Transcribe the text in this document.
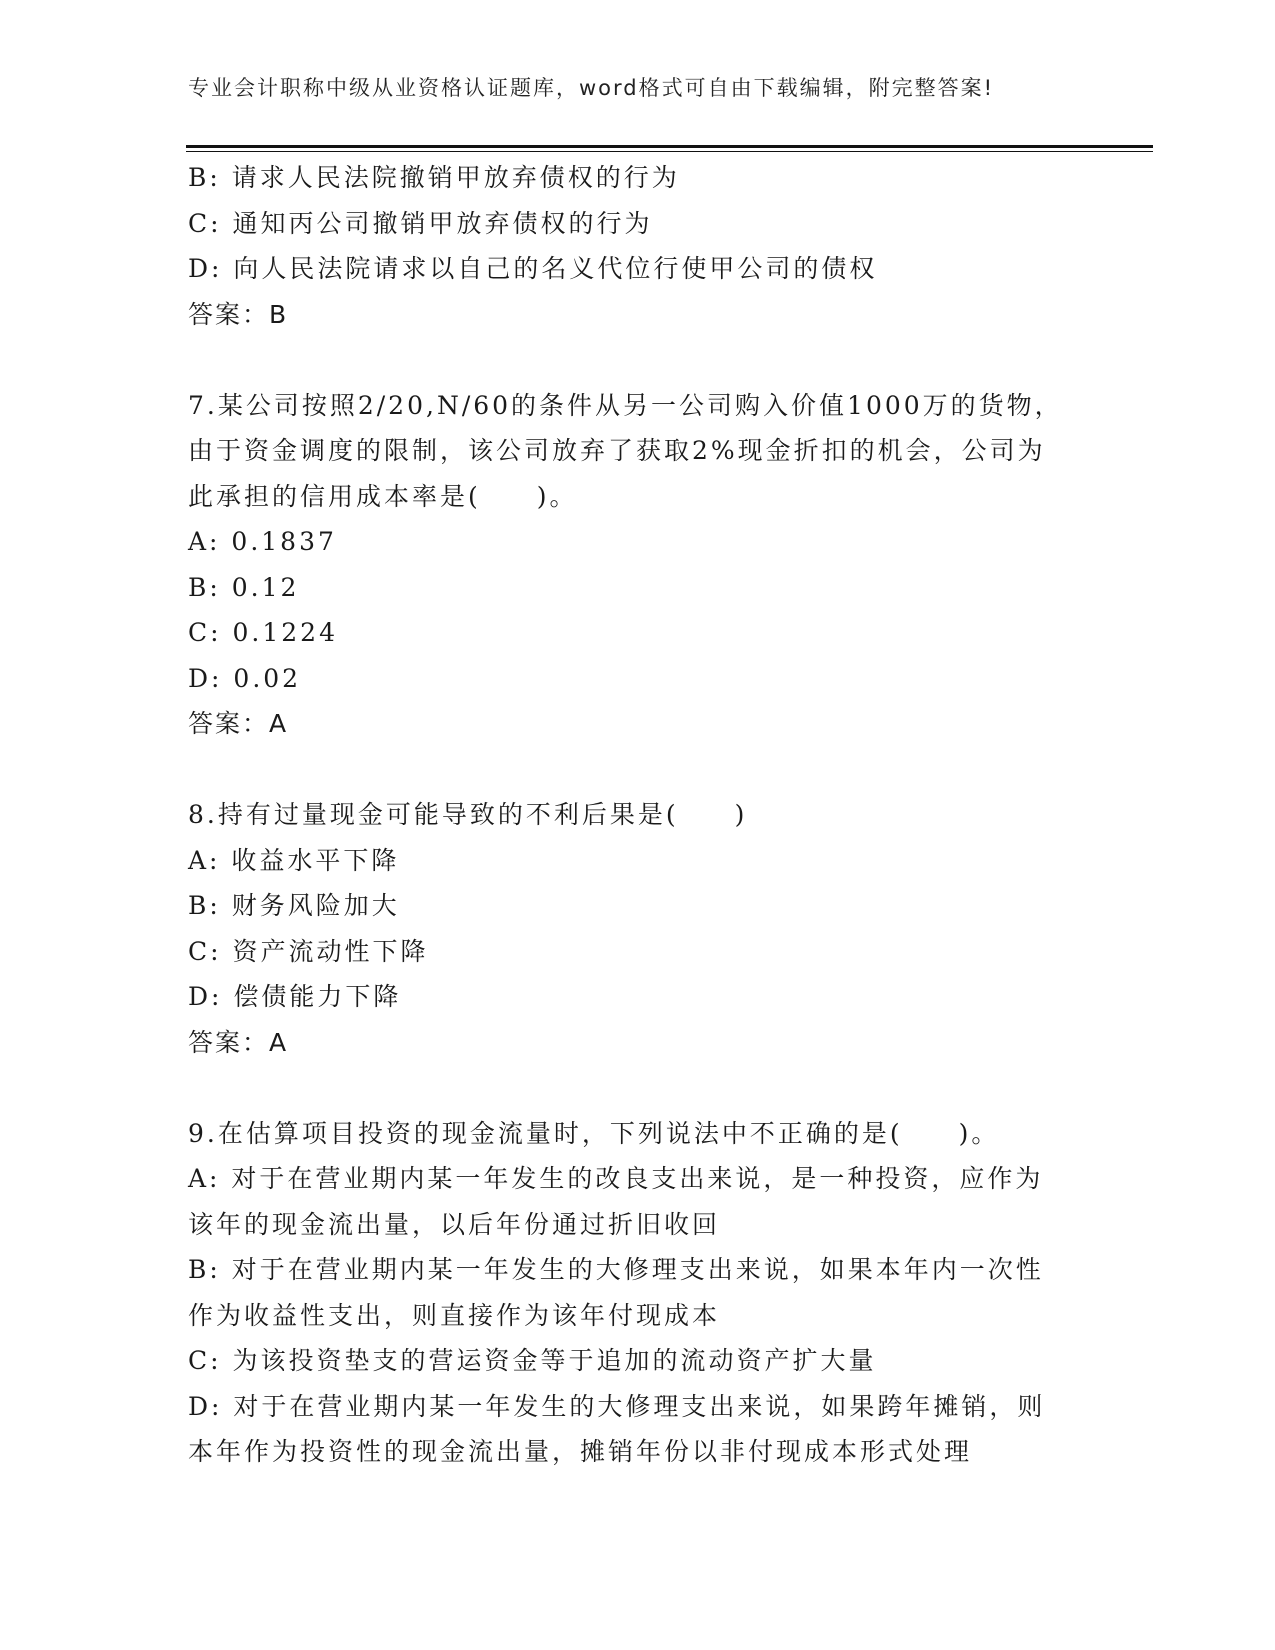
专业会计职称中级从业资格认证题库，word格式可自由下载编辑，附完整答案!
B: 请求人民法院撤销甲放弃债权的行为
C: 通知丙公司撤销甲放弃债权的行为
D: 向人民法院请求以自己的名义代位行使甲公司的债权
答案：B
7.某公司按照2/20,N/60的条件从另一公司购入价值1000万的货物，
由于资金调度的限制，该公司放弃了获取2%现金折扣的机会，公司为
此承担的信用成本率是(　　)。
A: 0.1837
B: 0.12
C: 0.1224
D: 0.02
答案：A
8.持有过量现金可能导致的不利后果是(　　)
A: 收益水平下降
B: 财务风险加大
C: 资产流动性下降
D: 偿债能力下降
答案：A
9.在估算项目投资的现金流量时，下列说法中不正确的是(　　)。
A: 对于在营业期内某一年发生的改良支出来说，是一种投资，应作为
该年的现金流出量，以后年份通过折旧收回
B: 对于在营业期内某一年发生的大修理支出来说，如果本年内一次性
作为收益性支出，则直接作为该年付现成本
C: 为该投资垫支的营运资金等于追加的流动资产扩大量
D: 对于在营业期内某一年发生的大修理支出来说，如果跨年摊销，则
本年作为投资性的现金流出量，摊销年份以非付现成本形式处理
